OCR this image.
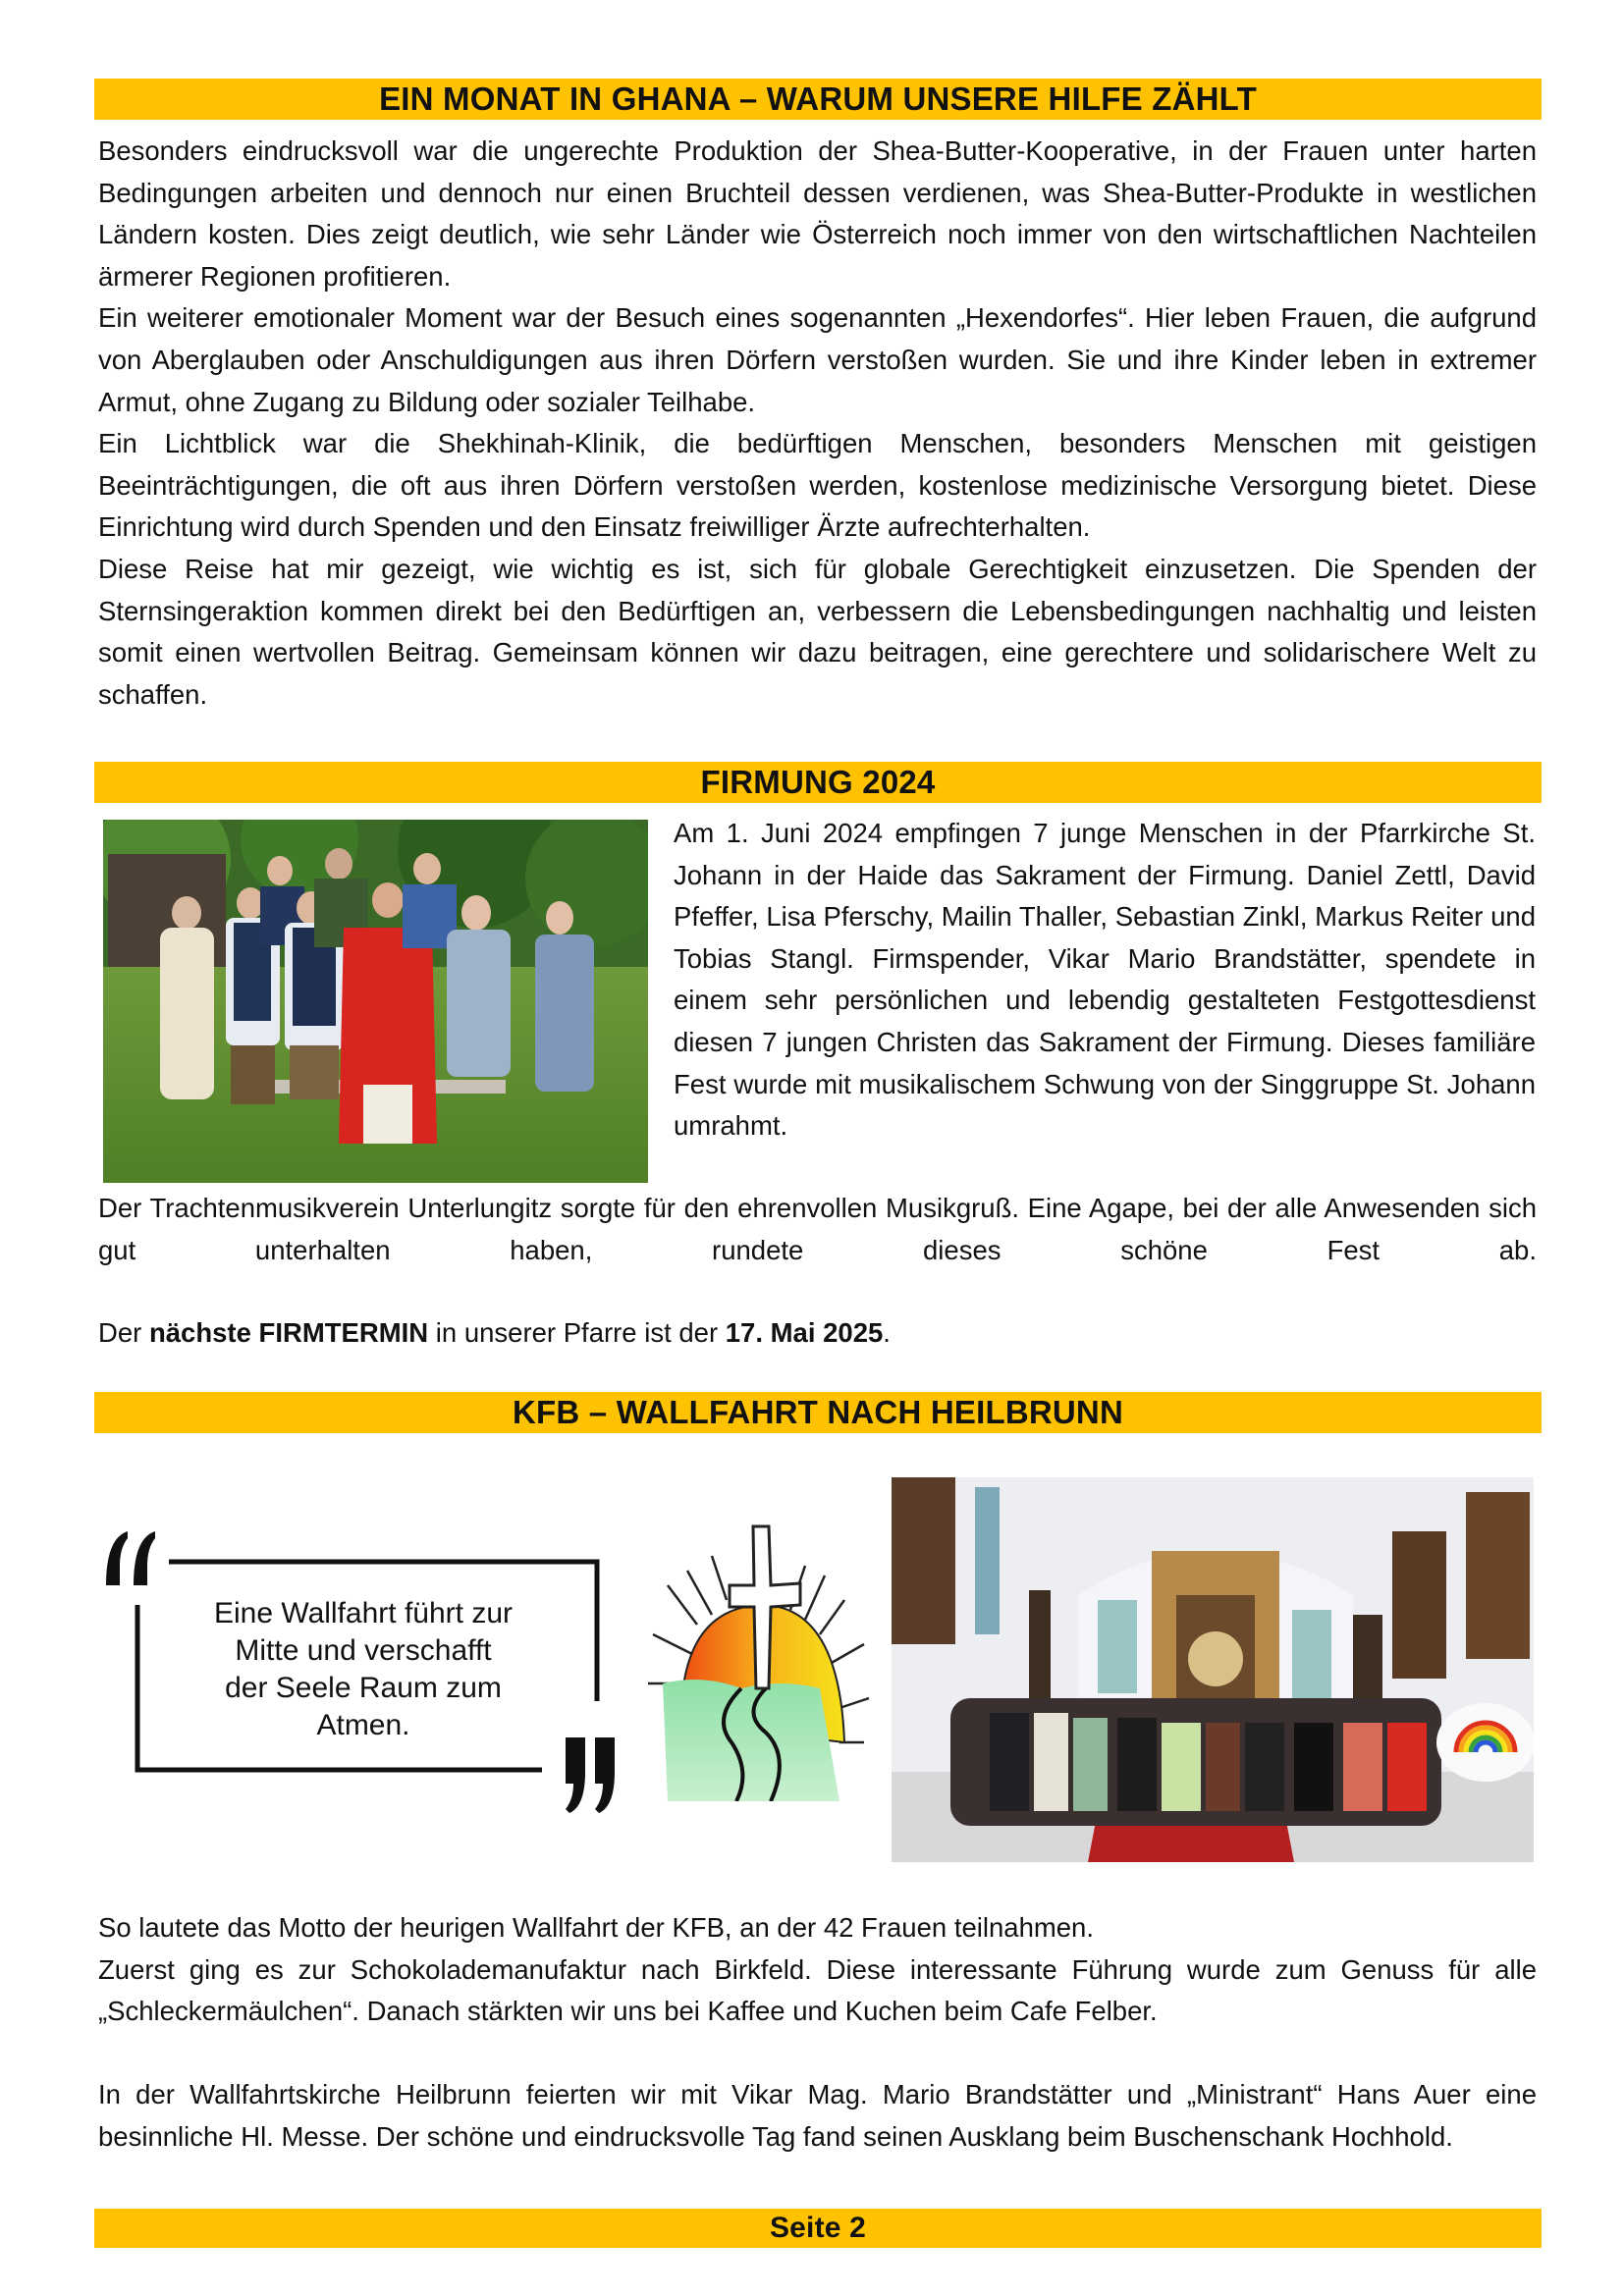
EIN MONAT IN GHANA – WARUM UNSERE HILFE ZÄHLT

Besonders eindrucksvoll war die ungerechte Produktion der Shea-Butter-Kooperative, in der Frauen unter harten Bedingungen arbeiten und dennoch nur einen Bruchteil dessen verdienen, was Shea-Butter-Produkte in westlichen Ländern kosten. Dies zeigt deutlich, wie sehr Länder wie Österreich noch immer von den wirtschaftlichen Nachteilen ärmerer Regionen profitieren.

Ein weiterer emotionaler Moment war der Besuch eines sogenannten „Hexendorfes“. Hier leben Frauen, die aufgrund von Aberglauben oder Anschuldigungen aus ihren Dörfern verstoßen wurden. Sie und ihre Kinder leben in extremer Armut, ohne Zugang zu Bildung oder sozialer Teilhabe.

Ein Lichtblick war die Shekhinah-Klinik, die bedürftigen Menschen, besonders Menschen mit geistigen Beeinträchtigungen, die oft aus ihren Dörfern verstoßen werden, kostenlose medizinische Versorgung bietet. Diese Einrichtung wird durch Spenden und den Einsatz freiwilliger Ärzte aufrechterhalten.

Diese Reise hat mir gezeigt, wie wichtig es ist, sich für globale Gerechtigkeit einzusetzen. Die Spenden der Sternsingeraktion kommen direkt bei den Bedürftigen an, verbessern die Lebensbedingungen nachhaltig und leisten somit einen wertvollen Beitrag. Gemeinsam können wir dazu beitragen, eine gerechtere und solidarischere Welt zu schaffen.

FIRMUNG 2024
Am 1. Juni 2024 empfingen 7 junge Menschen in der Pfarrkirche St. Johann in der Haide das Sakrament der Firmung. Daniel Zettl, David Pfeffer, Lisa Pferschy, Mailin Thaller, Sebastian Zinkl, Markus Reiter und Tobias Stangl. Firmspender, Vikar Mario Brandstätter, spendete in einem sehr persönlichen und lebendig gestalteten Festgottesdienst diesen 7 jungen Christen das Sakrament der Firmung. Dieses familiäre Fest wurde mit musikalischem Schwung von der Singgruppe St. Johann umrahmt.

Der Trachtenmusikverein Unterlungitz sorgte für den ehrenvollen Musikgruß. Eine Agape, bei der alle Anwesenden sich gut unterhalten haben, rundete dieses schöne Fest ab.

Der nächste FIRMTERMIN in unserer Pfarre ist der 17. Mai 2025.

KFB – WALLFAHRT NACH HEILBRUNN
Eine Wallfahrt führt zur
Mitte und verschafft
der Seele Raum zum
Atmen.

So lautete das Motto der heurigen Wallfahrt der KFB, an der 42 Frauen teilnahmen.

Zuerst ging es zur Schokolademanufaktur nach Birkfeld. Diese interessante Führung wurde zum Genuss für alle „Schleckermäulchen“. Danach stärkten wir uns bei Kaffee und Kuchen beim Cafe Felber.

In der Wallfahrtskirche Heilbrunn feierten wir mit Vikar Mag. Mario Brandstätter und „Ministrant“ Hans Auer eine besinnliche Hl. Messe. Der schöne und eindrucksvolle Tag fand seinen Ausklang beim Buschenschank Hochhold.

Seite 2
